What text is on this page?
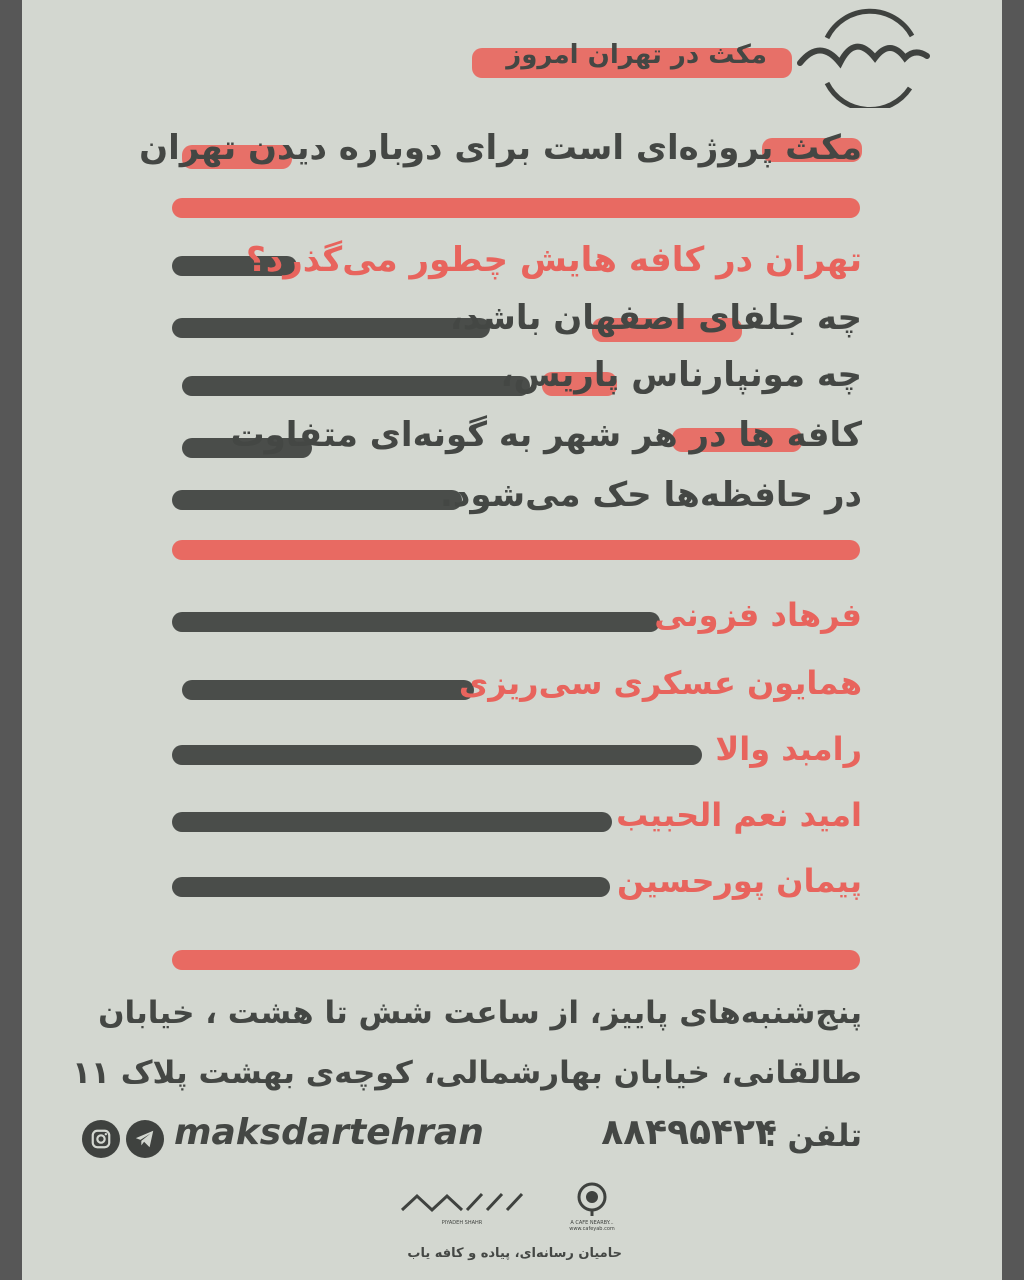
مکث در تهران امروز
مکث پروژه‌ای است برای دوباره دیدن تهران
تهران در کافه هایش چطور می‌گذرد؟
چه جلفای اصفهان باشد،
چه مونپارناس پاریس،
کافه ها در هر شهر به گونه‌ای متفاوت
در حافظه‌ها حک می‌شود.
فرهاد فزونی
همایون عسکری سی‌ریزی
رامبد والا
امید نعم الحبیب
پیمان پورحسین
پنج‌شنبه‌های پاییز، از ساعت شش تا هشت ، خیابان
طالقانی، خیابان بهارشمالی، کوچه‌ی بهشت پلاک ۱۱
تلفن :
۸۸۴۹۵۴۲۴
maksdartehran
A CAFE NEARBY...
www.cafeyab.com
PIYADEH SHAHR
حامیان رسانه‌ای، پیاده و کافه یاب
